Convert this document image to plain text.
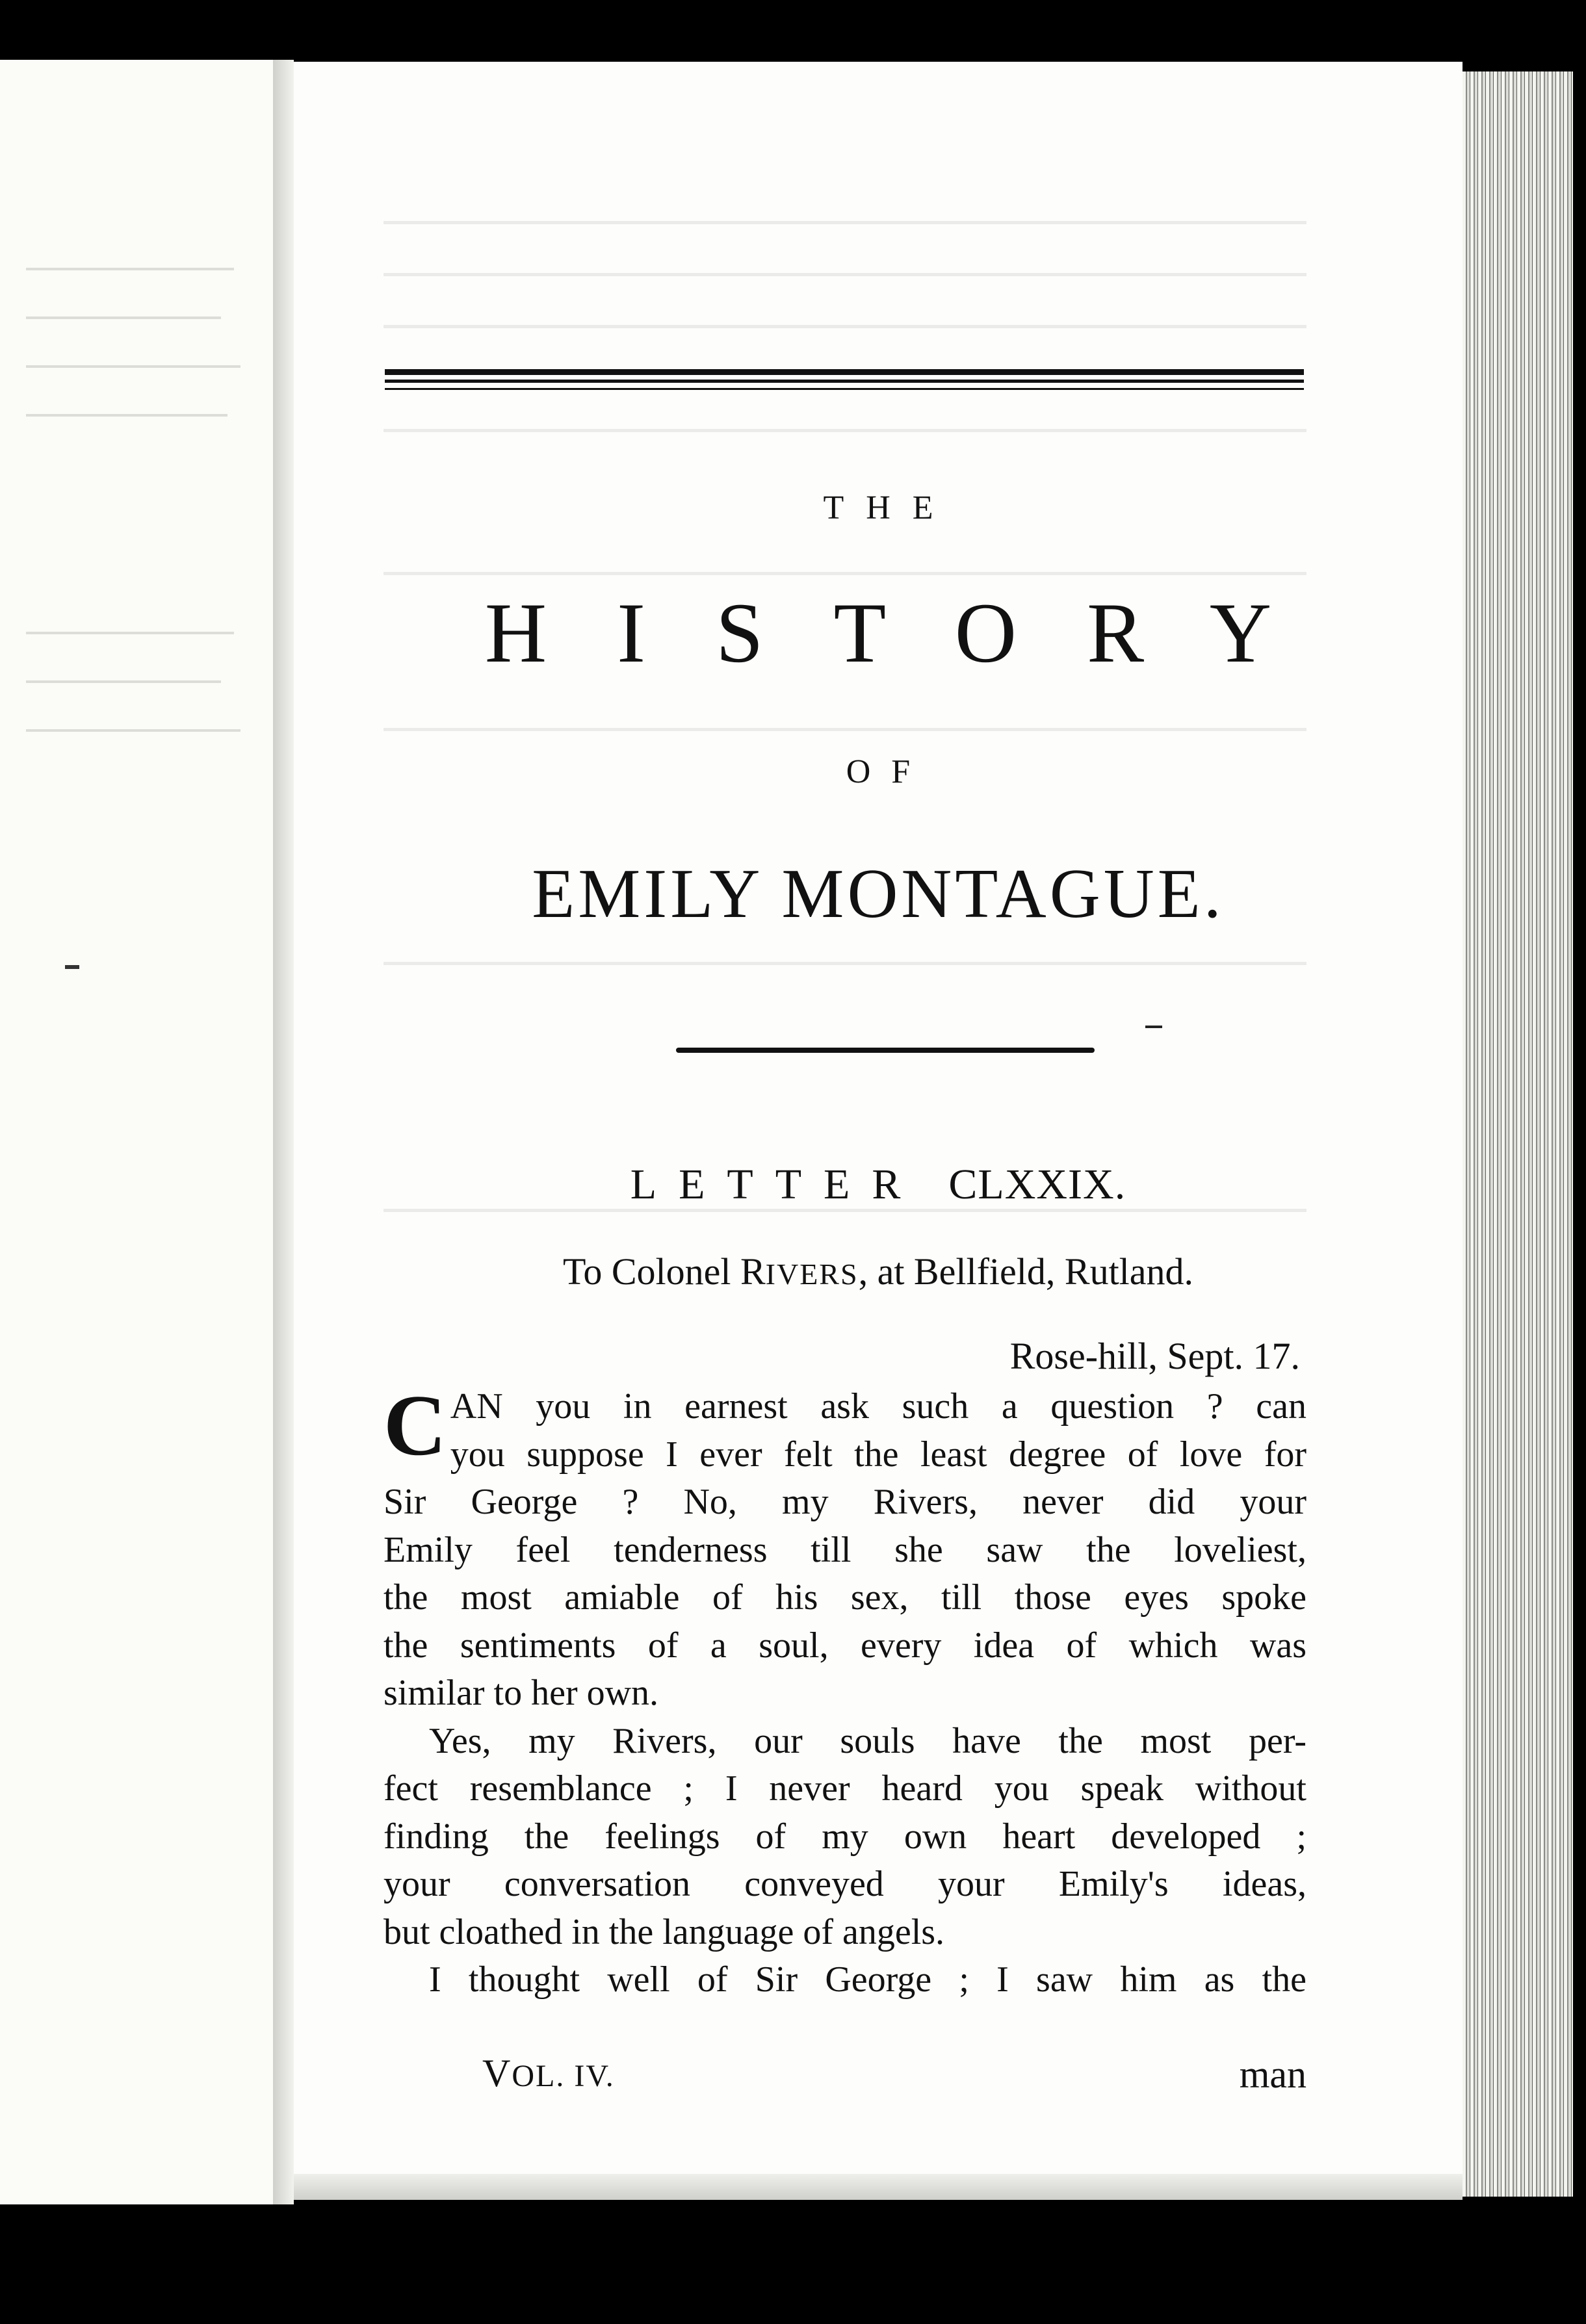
THE
HISTORY
OF
EMILY MONTAGUE.
LETTER CLXXIX.
To Colonel RIVERS, at Bellfield, Rutland.
Rose-hill, Sept. 17.
C AN you in earnest ask such a question ? can
you suppose I ever felt the least degree of love for
Sir George ? No, my Rivers, never did your
Emily feel tenderness till she saw the loveliest,
the most amiable of his sex, till those eyes spoke
the sentiments of a soul, every idea of which was
similar to her own.
Yes, my Rivers, our souls have the most per-
fect resemblance ; I never heard you speak without
finding the feelings of my own heart developed ;
your conversation conveyed your Emily's ideas,
but cloathed in the language of angels.
I thought well of Sir George ; I saw him as the
VOL. IV.	man
